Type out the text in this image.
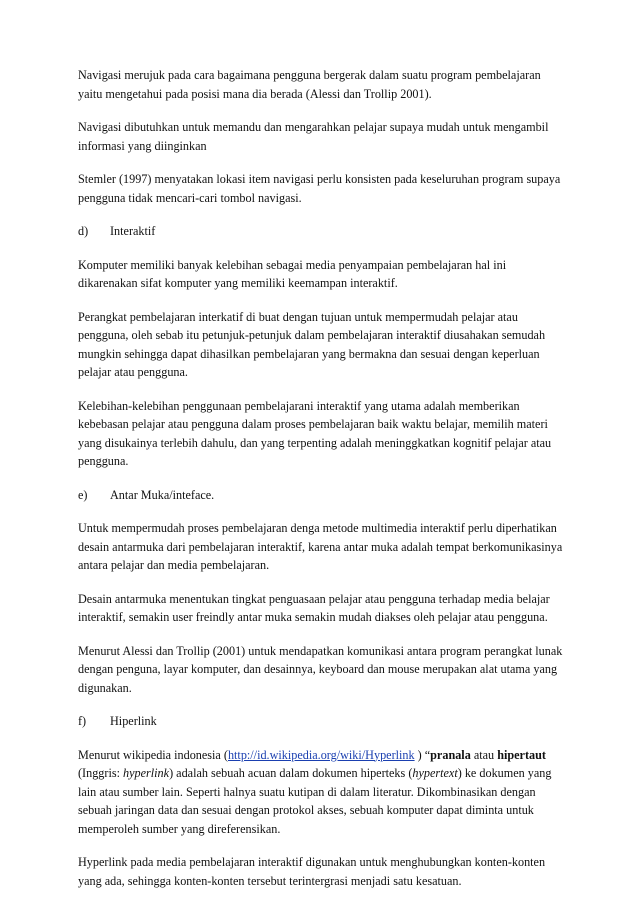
Navigasi merujuk pada cara bagaimana pengguna bergerak dalam suatu program pembelajaran yaitu mengetahui pada posisi mana dia berada (Alessi dan Trollip 2001).

Navigasi dibutuhkan untuk memandu dan mengarahkan pelajar supaya mudah untuk mengambil informasi yang diinginkan

Stemler (1997) menyatakan lokasi item navigasi perlu konsisten pada keseluruhan program supaya pengguna tidak mencari-cari tombol navigasi.

d)	Interaktif

Komputer memiliki banyak kelebihan sebagai media penyampaian pembelajaran hal ini dikarenakan sifat komputer yang memiliki keemampan interaktif.

Perangkat pembelajaran interkatif di buat dengan tujuan untuk mempermudah pelajar atau pengguna, oleh sebab itu petunjuk-petunjuk dalam pembelajaran interaktif diusahakan semudah mungkin sehingga dapat dihasilkan pembelajaran yang bermakna dan sesuai dengan keperluan pelajar atau pengguna.

Kelebihan-kelebihan penggunaan pembelajarani interaktif yang utama adalah memberikan kebebasan pelajar atau pengguna dalam proses pembelajaran baik waktu belajar, memilih materi yang disukainya terlebih dahulu, dan yang terpenting adalah meninggkatkan kognitif pelajar atau pengguna.

e)	Antar Muka/inteface.

Untuk mempermudah proses pembelajaran denga metode multimedia interaktif perlu diperhatikan desain antarmuka dari pembelajaran interaktif, karena antar muka adalah tempat berkomunikasinya antara pelajar dan media pembelajaran.

Desain antarmuka menentukan tingkat penguasaan pelajar atau pengguna terhadap media belajar interaktif, semakin user freindly antar muka semakin mudah diakses oleh pelajar atau pengguna.

Menurut Alessi dan Trollip (2001) untuk mendapatkan komunikasi antara program perangkat lunak dengan penguna, layar komputer, dan desainnya, keyboard dan mouse merupakan alat utama yang digunakan.

f)	Hiperlink

Menurut wikipedia indonesia (http://id.wikipedia.org/wiki/Hyperlink ) “pranala atau hipertaut (Inggris: hyperlink) adalah sebuah acuan dalam dokumen hiperteks (hypertext) ke dokumen yang lain atau sumber lain. Seperti halnya suatu kutipan di dalam literatur. Dikombinasikan dengan sebuah jaringan data dan sesuai dengan protokol akses, sebuah komputer dapat diminta untuk memperoleh sumber yang direferensikan.

Hyperlink pada media pembelajaran interaktif digunakan untuk menghubungkan konten-konten yang ada, sehingga konten-konten tersebut terintergrasi menjadi satu kesatuan.
